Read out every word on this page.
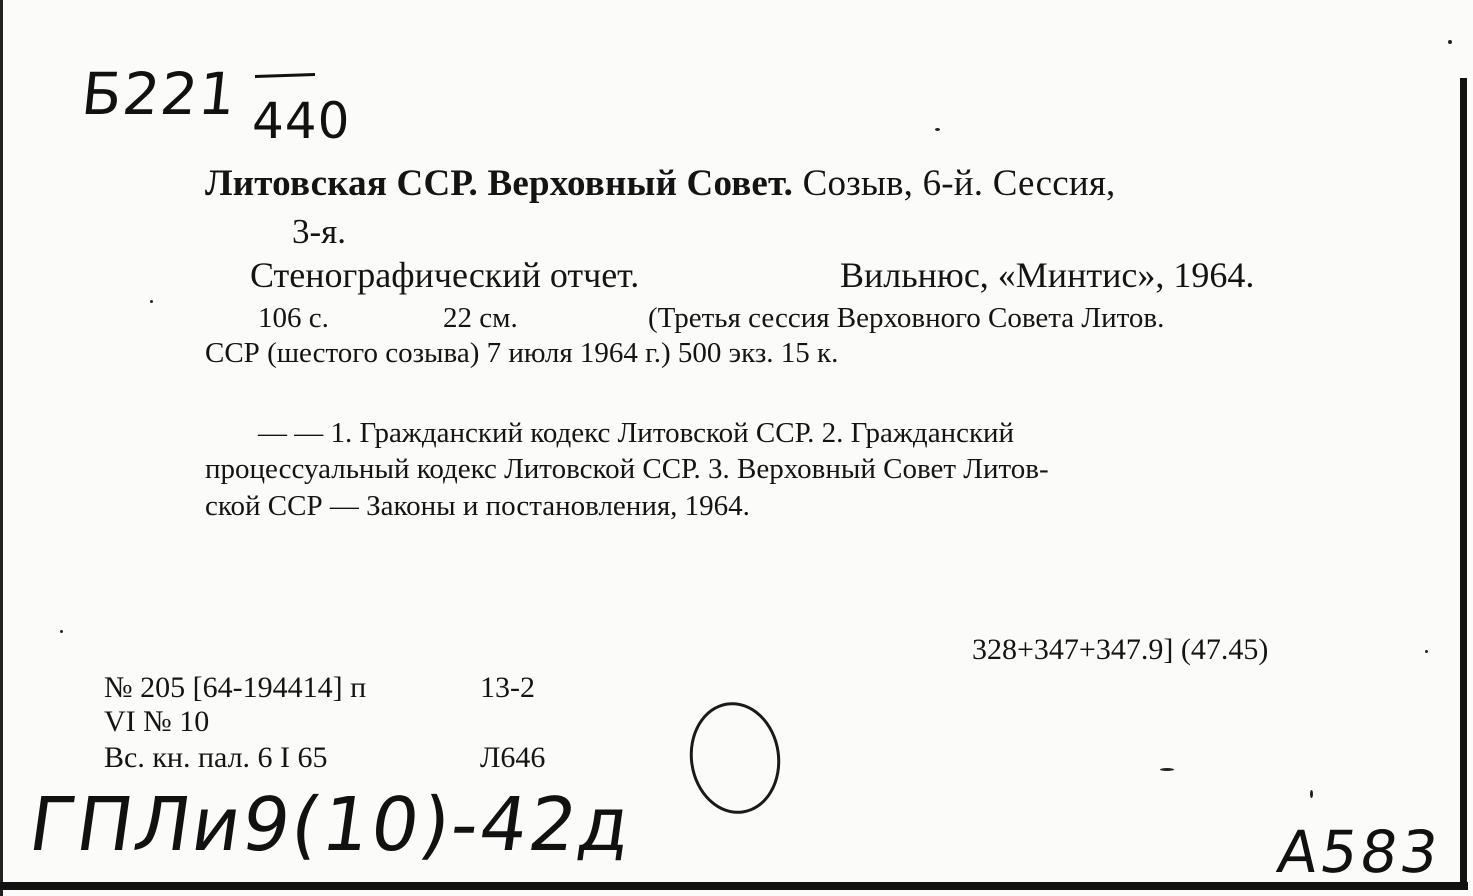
Б221 440
Литовская ССР. Верховный Совет. Созыв, 6-й. Сессия,
3-я.
Стенографический отчет.	Вильнюс, «Минтис», 1964.
106 с.	22 см.	(Третья сессия Верховного Совета Литов.
ССР (шестого созыва) 7 июля 1964 г.) 500 экз. 15 к.
— — 1. Гражданский кодекс Литовской ССР. 2. Гражданский
процессуальный кодекс Литовской ССР. 3. Верховный Совет Литов-
ской ССР — Законы и постановления, 1964.
328+347+347.9] (47.45)
№ 205 [64-194414] п	13-2
VI № 10
Вс. кн. пал. 6 I 65	Л646
ГПЛи9(10)-42д	А583
